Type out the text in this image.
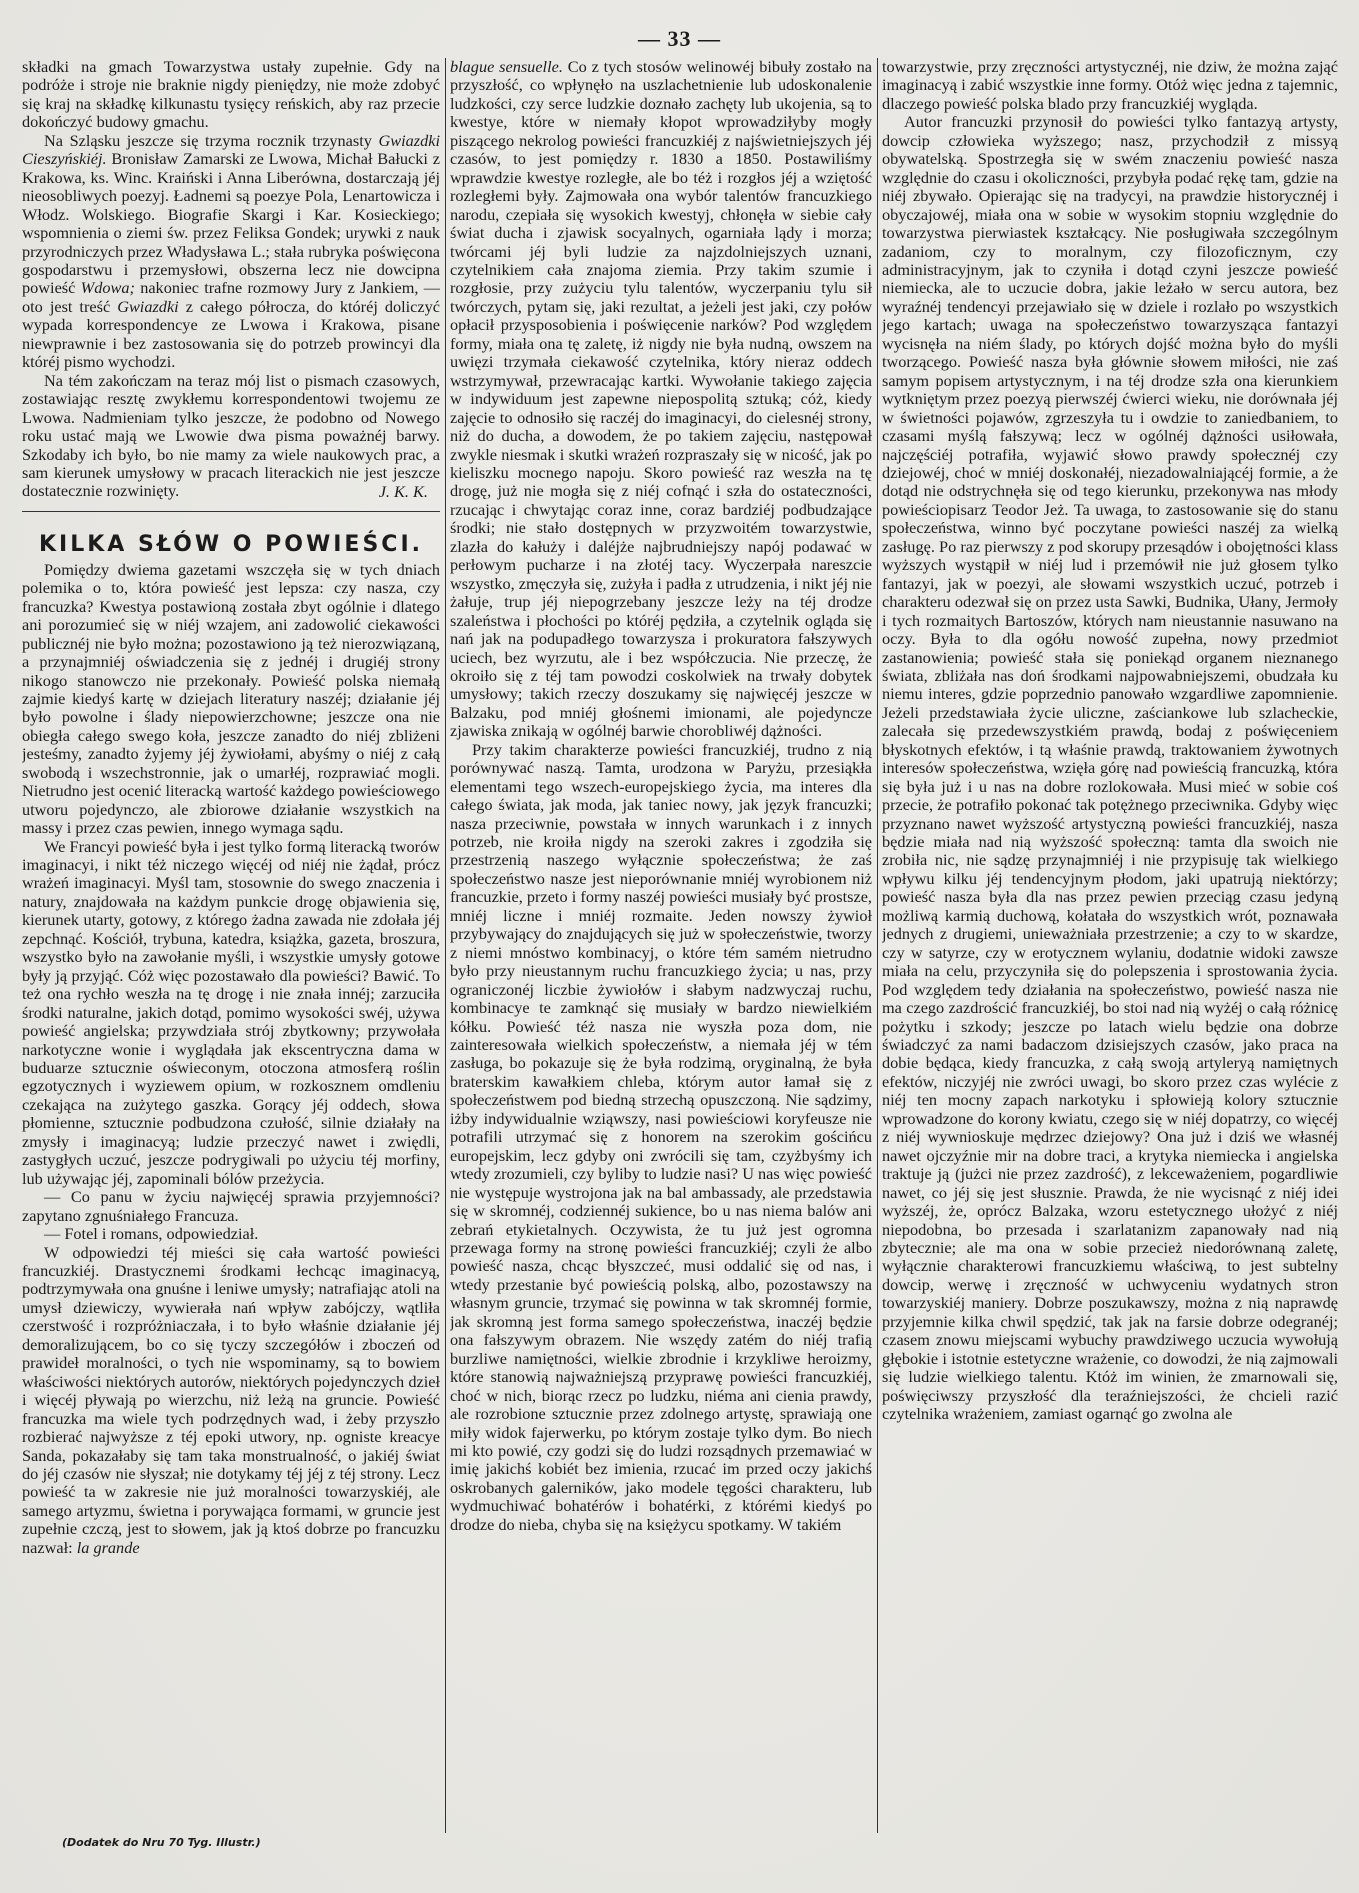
— 33 —

składki na gmach Towarzystwa ustały zupełnie. Gdy na podróże i stroje nie braknie nigdy pieniędzy, nie może zdobyć się kraj na składkę kilkunastu tysięcy reńskich, aby raz przecie dokończyć budowy gmachu.

Na Szląsku jeszcze się trzyma rocznik trzynasty Gwiazdki Cieszyńskiéj. Bronisław Zamarski ze Lwowa, Michał Bałucki z Krakowa, ks. Winc. Kraiński i Anna Liberówna, dostarczają jéj nieosobliwych poezyj. Ładnemi są poezye Pola, Lenartowicza i Włodz. Wolskiego. Biografie Skargi i Kar. Kosieckiego; wspomnienia o ziemi św. przez Feliksa Gondek; urywki z nauk przyrodniczych przez Władysława L.; stała rubryka poświęcona gospodarstwu i przemysłowi, obszerna lecz nie dowcipna powieść Wdowa; nakoniec trafne rozmowy Jury z Jankiem, — oto jest treść Gwiazdki z całego półrocza, do któréj doliczyć wypada korrespondencye ze Lwowa i Krakowa, pisane niewprawnie i bez zastosowania się do potrzeb prowincyi dla któréj pismo wychodzi.

Na tém zakończam na teraz mój list o pismach czasowych, zostawiając resztę zwykłemu korrespondentowi twojemu ze Lwowa. Nadmieniam tylko jeszcze, że podobno od Nowego roku ustać mają we Lwowie dwa pisma poważnéj barwy. Szkodaby ich było, bo nie mamy za wiele naukowych prac, a sam kierunek umysłowy w pracach literackich nie jest jeszcze dostatecznie rozwinięty.	J. K. K.

KILKA SŁÓW O POWIEŚCI.

Pomiędzy dwiema gazetami wszczęła się w tych dniach polemika o to, która powieść jest lepsza: czy nasza, czy francuzka? Kwestya postawioną została zbyt ogólnie i dlatego ani porozumieć się w niéj wzajem, ani zadowolić ciekawości publicznéj nie było można; pozostawiono ją też nierozwiązaną, a przynajmniéj oświadczenia się z jednéj i drugiéj strony nikogo stanowczo nie przekonały. Powieść polska niemałą zajmie kiedyś kartę w dziejach literatury naszéj; działanie jéj było powolne i ślady niepowierzchowne; jeszcze ona nie obiegła całego swego koła, jeszcze zanadto do niéj zbliżeni jesteśmy, zanadto żyjemy jéj żywiołami, abyśmy o niéj z całą swobodą i wszechstronnie, jak o umarłéj, rozprawiać mogli. Nietrudno jest ocenić literacką wartość każdego powieściowego utworu pojedynczo, ale zbiorowe działanie wszystkich na massy i przez czas pewien, innego wymaga sądu.

We Francyi powieść była i jest tylko formą literacką tworów imaginacyi, i nikt téż niczego więcéj od niéj nie żądał, prócz wrażeń imaginacyi. Myśl tam, stosownie do swego znaczenia i natury, znajdowała na każdym punkcie drogę objawienia się, kierunek utarty, gotowy, z którego żadna zawada nie zdołała jéj zepchnąć. Kościół, trybuna, katedra, książka, gazeta, broszura, wszystko było na zawołanie myśli, i wszystkie umysły gotowe były ją przyjąć. Cóż więc pozostawało dla powieści? Bawić. To też ona rychło weszła na tę drogę i nie znała innéj; zarzuciła środki naturalne, jakich dotąd, pomimo wysokości swéj, używa powieść angielska; przywdziała strój zbytkowny; przywołała narkotyczne wonie i wyglądała jak ekscentryczna dama w buduarze sztucznie oświeconym, otoczona atmosferą roślin egzotycznych i wyziewem opium, w rozkosznem omdleniu czekająca na zużytego gaszka. Gorący jéj oddech, słowa płomienne, sztucznie podbudzona czułość, silnie działały na zmysły i imaginacyą; ludzie przeczyć nawet i zwiędli, zastygłych uczuć, jeszcze podrygiwali po użyciu téj morfiny, lub używając jéj, zapominali bólów przeżycia.

— Co panu w życiu najwięcéj sprawia przyjemności? zapytano zgnuśniałego Francuza.

— Fotel i romans, odpowiedział.

W odpowiedzi téj mieści się cała wartość powieści francuzkiéj. Drastycznemi środkami łechcąc imaginacyą, podtrzymywała ona gnuśne i leniwe umysły; natrafiając atoli na umysł dziewiczy, wywierała nań wpływ zabójczy, wątliła czerstwość i rozpróżniaczała, i to było właśnie działanie jéj demoralizującem, bo co się tyczy szczegółów i zboczeń od prawideł moralności, o tych nie wspominamy, są to bowiem właściwości niektórych autorów, niektórych pojedynczych dzieł i więcéj pływają po wierzchu, niż leżą na gruncie. Powieść francuzka ma wiele tych podrzędnych wad, i żeby przyszło rozbierać najwyższe z téj epoki utwory, np. ogniste kreacye Sanda, pokazałaby się tam taka monstrualność, o jakiéj świat do jéj czasów nie słyszał; nie dotykamy téj jéj z téj strony. Lecz powieść ta w zakresie nie już moralności towarzyskiéj, ale samego artyzmu, świetna i porywająca formami, w gruncie jest zupełnie czczą, jest to słowem, jak ją ktoś dobrze po francuzku nazwał: la grande

blague sensuelle. Co z tych stosów welinowéj bibuły zostało na przyszłość, co wpłynęło na uszlachetnienie lub udoskonalenie ludzkości, czy serce ludzkie doznało zachęty lub ukojenia, są to kwestye, które w niemały kłopot wprowadziłyby mogły piszącego nekrolog powieści francuzkiéj z najświetniejszych jéj czasów, to jest pomiędzy r. 1830 a 1850. Postawiliśmy wprawdzie kwestye rozległe, ale bo téż i rozgłos jéj a wziętość rozległemi były. Zajmowała ona wybór talentów francuzkiego narodu, czepiała się wysokich kwestyj, chłonęła w siebie cały świat ducha i zjawisk socyalnych, ogarniała lądy i morza; twórcami jéj byli ludzie za najzdolniejszych uznani, czytelnikiem cała znajoma ziemia. Przy takim szumie i rozgłosie, przy zużyciu tylu talentów, wyczerpaniu tylu sił twórczych, pytam się, jaki rezultat, a jeżeli jest jaki, czy połów opłacił przysposobienia i poświęcenie narków? Pod względem formy, miała ona tę zaletę, iż nigdy nie była nudną, owszem na uwięzi trzymała ciekawość czytelnika, który nieraz oddech wstrzymywał, przewracając kartki. Wywołanie takiego zajęcia w indywiduum jest zapewne niepospolitą sztuką; cóż, kiedy zajęcie to odnosiło się raczéj do imaginacyi, do cielesnéj strony, niż do ducha, a dowodem, że po takiem zajęciu, następował zwykle niesmak i skutki wrażeń rozpraszały się w nicość, jak po kieliszku mocnego napoju. Skoro powieść raz weszła na tę drogę, już nie mogła się z niéj cofnąć i szła do ostateczności, rzucając i chwytając coraz inne, coraz bardziéj podbudzające środki; nie stało dostępnych w przyzwoitém towarzystwie, zlazła do kałuży i daléjże najbrudniejszy napój podawać w perłowym pucharze i na złotéj tacy. Wyczerpała nareszcie wszystko, zmęczyła się, zużyła i padła z utrudzenia, i nikt jéj nie żałuje, trup jéj niepogrzebany jeszcze leży na téj drodze szaleństwa i płochości po któréj pędziła, a czytelnik ogląda się nań jak na podupadłego towarzysza i prokuratora fałszywych uciech, bez wyrzutu, ale i bez współczucia. Nie przeczę, że okroiło się z téj tam powodzi coskolwiek na trwały dobytek umysłowy; takich rzeczy doszukamy się najwięcéj jeszcze w Balzaku, pod mniéj głośnemi imionami, ale pojedyncze zjawiska znikają w ogólnéj barwie chorobliwéj dążności.

Przy takim charakterze powieści francuzkiéj, trudno z nią porównywać naszą. Tamta, urodzona w Paryżu, przesiąkła elementami tego wszech-europejskiego życia, ma interes dla całego świata, jak moda, jak taniec nowy, jak język francuzki; nasza przeciwnie, powstała w innych warunkach i z innych potrzeb, nie kroiła nigdy na szeroki zakres i zgodziła się przestrzenią naszego wyłącznie społeczeństwa; że zaś społeczeństwo nasze jest nieporównanie mniéj wyrobionem niż francuzkie, przeto i formy naszéj powieści musiały być prostsze, mniéj liczne i mniéj rozmaite. Jeden nowszy żywioł przybywający do znajdujących się już w społeczeństwie, tworzy z niemi mnóstwo kombinacyj, o które tém samém nietrudno było przy nieustannym ruchu francuzkiego życia; u nas, przy ograniczonéj liczbie żywiołów i słabym nadzwyczaj ruchu, kombinacye te zamknąć się musiały w bardzo niewielkiém kółku. Powieść téż nasza nie wyszła poza dom, nie zainteresowała wielkich społeczeństw, a niemała jéj w tém zasługa, bo pokazuje się że była rodzimą, oryginalną, że była braterskim kawałkiem chleba, którym autor łamał się z społeczeństwem pod biedną strzechą opuszczoną. Nie sądzimy, iżby indywidualnie wziąwszy, nasi powieściowi koryfeusze nie potrafili utrzymać się z honorem na szerokim gościńcu europejskim, lecz gdyby oni zwrócili się tam, czyżbyśmy ich wtedy zrozumieli, czy byliby to ludzie nasi? U nas więc powieść nie występuje wystrojona jak na bal ambassady, ale przedstawia się w skromnéj, codziennéj sukience, bo u nas niema balów ani zebrań etykietalnych. Oczywista, że tu już jest ogromna przewaga formy na stronę powieści francuzkiéj; czyli że albo powieść nasza, chcąc błyszczeć, musi oddalić się od nas, i wtedy przestanie być powieścią polską, albo, pozostawszy na własnym gruncie, trzymać się powinna w tak skromnéj formie, jak skromną jest forma samego społeczeństwa, inaczéj będzie ona fałszywym obrazem. Nie wszędy zatém do niéj trafią burzliwe namiętności, wielkie zbrodnie i krzykliwe heroizmy, które stanowią najważniejszą przyprawę powieści francuzkiéj, choć w nich, biorąc rzecz po ludzku, niéma ani cienia prawdy, ale rozrobione sztucznie przez zdolnego artystę, sprawiają one miły widok fajerwerku, po którym zostaje tylko dym. Bo niech mi kto powié, czy godzi się do ludzi rozsądnych przemawiać w imię jakichś kobiét bez imienia, rzucać im przed oczy jakichś oskrobanych galerników, jako modele tęgości charakteru, lub wydmuchiwać bohatérów i bohatérki, z którémi kiedyś po drodze do nieba, chyba się na księżycu spotkamy. W takiém

towarzystwie, przy zręczności artystycznéj, nie dziw, że można zająć imaginacyą i zabić wszystkie inne formy. Otóż więc jedna z tajemnic, dlaczego powieść polska blado przy francuzkiéj wygląda.

Autor francuzki przynosił do powieści tylko fantazyą artysty, dowcip człowieka wyższego; nasz, przychodził z missyą obywatelską. Spostrzegła się w swém znaczeniu powieść nasza względnie do czasu i okoliczności, przybyła podać rękę tam, gdzie na niéj zbywało. Opierając się na tradycyi, na prawdzie historycznéj i obyczajowéj, miała ona w sobie w wysokim stopniu względnie do towarzystwa pierwiastek kształcący. Nie posługiwała szczególnym zadaniom, czy to moralnym, czy filozoficznym, czy administracyjnym, jak to czyniła i dotąd czyni jeszcze powieść niemiecka, ale to uczucie dobra, jakie leżało w sercu autora, bez wyraźnéj tendencyi przejawiało się w dziele i rozlało po wszystkich jego kartach; uwaga na społeczeństwo towarzysząca fantazyi wycisnęła na niém ślady, po których dojść można było do myśli tworzącego. Powieść nasza była głównie słowem miłości, nie zaś samym popisem artystycznym, i na téj drodze szła ona kierunkiem wytkniętym przez poezyą pierwszéj ćwierci wieku, nie dorównała jéj w świetności pojawów, zgrzeszyła tu i owdzie to zaniedbaniem, to czasami myślą fałszywą; lecz w ogólnéj dążności usiłowała, najczęściéj potrafiła, wyjawić słowo prawdy społecznéj czy dziejowéj, choć w mniéj doskonałéj, niezadowalniającéj formie, a że dotąd nie odstrychnęła się od tego kierunku, przekonywa nas młody powieściopisarz Teodor Jeż. Ta uwaga, to zastosowanie się do stanu społeczeństwa, winno być poczytane powieści naszéj za wielką zasługę. Po raz pierwszy z pod skorupy przesądów i obojętności klass wyższych wystąpił w niéj lud i przemówił nie już głosem tylko fantazyi, jak w poezyi, ale słowami wszystkich uczuć, potrzeb i charakteru odezwał się on przez usta Sawki, Budnika, Ułany, Jermoły i tych rozmaitych Bartoszów, których nam nieustannie nasuwano na oczy. Była to dla ogółu nowość zupełna, nowy przedmiot zastanowienia; powieść stała się poniekąd organem nieznanego świata, zbliżała nas doń środkami najpowabniejszemi, obudzała ku niemu interes, gdzie poprzednio panowało wzgardliwe zapomnienie. Jeżeli przedstawiała życie uliczne, zaściankowe lub szlacheckie, zalecała się przedewszystkiém prawdą, bodaj z poświęceniem błyskotnych efektów, i tą właśnie prawdą, traktowaniem żywotnych interesów społeczeństwa, wzięła górę nad powieścią francuzką, która się była już i u nas na dobre rozlokowała. Musi mieć w sobie coś przecie, że potrafiło pokonać tak potężnego przeciwnika. Gdyby więc przyznano nawet wyższość artystyczną powieści francuzkiéj, nasza będzie miała nad nią wyższość społeczną: tamta dla swoich nie zrobiła nic, nie sądzę przynajmniéj i nie przypisuję tak wielkiego wpływu kilku jéj tendencyjnym płodom, jaki upatrują niektórzy; powieść nasza była dla nas przez pewien przeciąg czasu jedyną możliwą karmią duchową, kołatała do wszystkich wrót, poznawała jednych z drugiemi, unieważniała przestrzenie; a czy to w skardze, czy w satyrze, czy w erotycznem wylaniu, dodatnie widoki zawsze miała na celu, przyczyniła się do polepszenia i sprostowania życia. Pod względem tedy działania na społeczeństwo, powieść nasza nie ma czego zazdrościć francuzkiéj, bo stoi nad nią wyżéj o całą różnicę pożytku i szkody; jeszcze po latach wielu będzie ona dobrze świadczyć za nami badaczom dzisiejszych czasów, jako praca na dobie będąca, kiedy francuzka, z całą swoją artyleryą namiętnych efektów, niczyjéj nie zwróci uwagi, bo skoro przez czas wylécie z niéj ten mocny zapach narkotyku i spłowieją kolory sztucznie wprowadzone do korony kwiatu, czego się w niéj dopatrzy, co więcéj z niéj wywnioskuje mędrzec dziejowy? Ona już i dziś we własnéj nawet ojczyźnie mir na dobre traci, a krytyka niemiecka i angielska traktuje ją (jużci nie przez zazdrość), z lekceważeniem, pogardliwie nawet, co jéj się jest słusznie. Prawda, że nie wycisnąć z niéj idei wyższéj, że, oprócz Balzaka, wzoru estetycznego ułożyć z niéj niepodobna, bo przesada i szarlatanizm zapanowały nad nią zbytecznie; ale ma ona w sobie przecież niedorównaną zaletę, wyłącznie charakterowi francuzkiemu właściwą, to jest subtelny dowcip, werwę i zręczność w uchwyceniu wydatnych stron towarzyskiéj maniery. Dobrze poszukawszy, można z nią naprawdę przyjemnie kilka chwil spędzić, tak jak na farsie dobrze odegranéj; czasem znowu miejscami wybuchy prawdziwego uczucia wywołują głębokie i istotnie estetyczne wrażenie, co dowodzi, że nią zajmowali się ludzie wielkiego talentu. Któż im winien, że zmarnowali się, poświęciwszy przyszłość dla teraźniejszości, że chcieli razić czytelnika wrażeniem, zamiast ogarnąć go zwolna ale

(Dodatek do Nru 70 Tyg. Illustr.)
